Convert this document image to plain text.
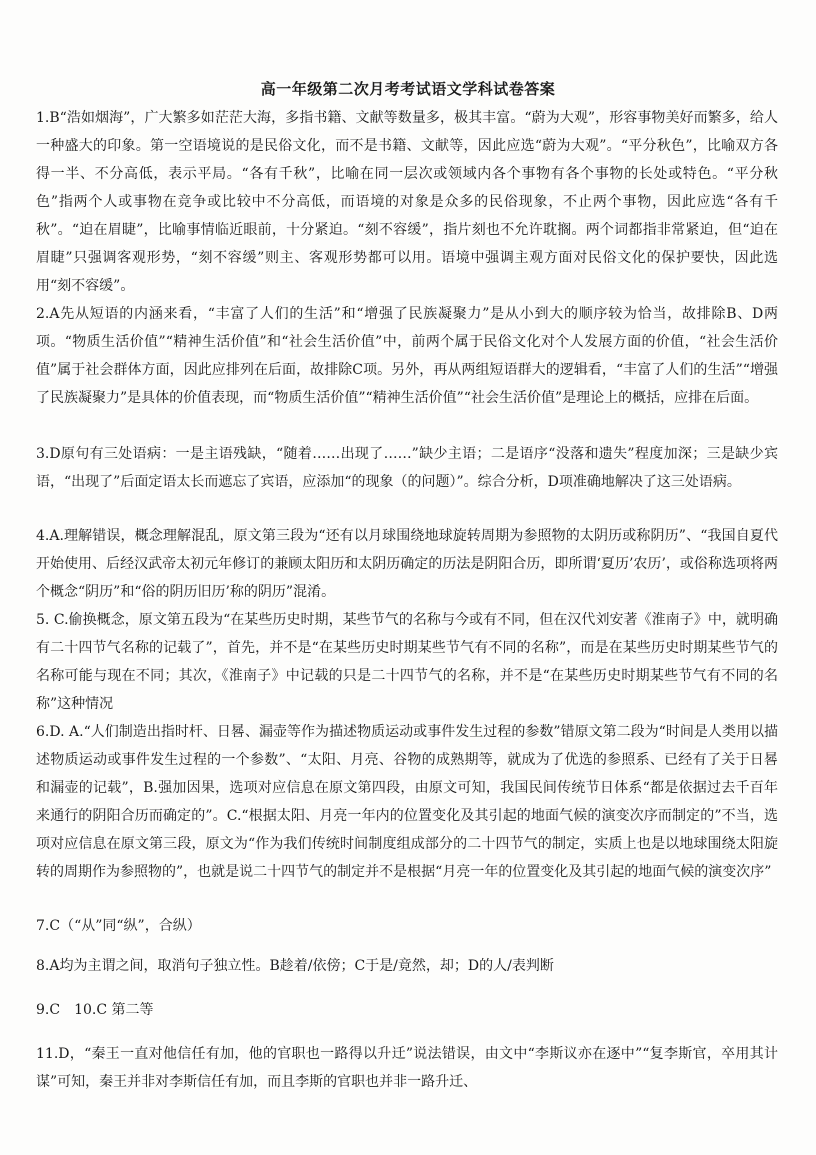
高一年级第二次月考考试语文学科试卷答案
1.B“浩如烟海”，广大繁多如茫茫大海，多指书籍、文献等数量多，极其丰富。“蔚为大观”，形容事物美好而繁多，给人一种盛大的印象。第一空语境说的是民俗文化，而不是书籍、文献等，因此应选“蔚为大观”。“平分秋色”，比喻双方各得一半、不分高低，表示平局。“各有千秋”，比喻在同一层次或领域内各个事物有各个事物的长处或特色。“平分秋色”指两个人或事物在竞争或比较中不分高低，而语境的对象是众多的民俗现象，不止两个事物，因此应选“各有千秋”。“迫在眉睫”，比喻事情临近眼前，十分紧迫。“刻不容缓”，指片刻也不允许耽搁。两个词都指非常紧迫，但“迫在眉睫”只强调客观形势，“刻不容缓”则主、客观形势都可以用。语境中强调主观方面对民俗文化的保护要快，因此选用“刻不容缓”。
2.A先从短语的内涵来看，“丰富了人们的生活”和“增强了民族凝聚力”是从小到大的顺序较为恰当，故排除B、D两项。“物质生活价值”“精神生活价值”和“社会生活价值”中，前两个属于民俗文化对个人发展方面的价值，“社会生活价值”属于社会群体方面，因此应排列在后面，故排除C项。另外，再从两组短语群大的逻辑看，“丰富了人们的生活”“增强了民族凝聚力”是具体的价值表现，而“物质生活价值”“精神生活价值”“社会生活价值”是理论上的概括，应排在后面。
3.D原句有三处语病：一是主语残缺，“随着……出现了……”缺少主语；二是语序“没落和遗失”程度加深；三是缺少宾语，“出现了”后面定语太长而遮忘了宾语，应添加“的现象（的问题）”。综合分析，D项准确地解决了这三处语病。
4.A.理解错误，概念理解混乱，原文第三段为“还有以月球围绕地球旋转周期为参照物的太阴历或称阴历”、“我国自夏代开始使用、后经汉武帝太初元年修订的兼顾太阳历和太阴历确定的历法是阴阳合历，即所谓‘夏历’农历’，或俗称选项将两个概念“阴历”和“俗的阴历旧历’称的阴历”混淆。
5. C.偷换概念，原文第五段为“在某些历史时期，某些节气的名称与今或有不同，但在汉代刘安著《淮南子》中，就明确有二十四节气名称的记载了”，首先，并不是“在某些历史时期某些节气有不同的名称”，而是在某些历史时期某些节气的名称可能与现在不同；其次，《淮南子》中记载的只是二十四节气的名称，并不是“在某些历史时期某些节气有不同的名称”这种情况
6.D. A.“人们制造出指时杆、日晷、漏壶等作为描述物质运动或事件发生过程的参数”错原文第二段为“时间是人类用以描述物质运动或事件发生过程的一个参数”、“太阳、月亮、谷物的成熟期等，就成为了优选的参照系、已经有了关于日晷和漏壶的记载”，B.强加因果，选项对应信息在原文第四段，由原文可知，我国民间传统节日体系“都是依据过去千百年来通行的阴阳合历而确定的”。C.“根据太阳、月亮一年内的位置变化及其引起的地面气候的演变次序而制定的”不当，选项对应信息在原文第三段，原文为“作为我们传统时间制度组成部分的二十四节气的制定，实质上也是以地球围绕太阳旋转的周期作为参照物的”，也就是说二十四节气的制定并不是根据“月亮一年的位置变化及其引起的地面气候的演变次序”
7.C（“从”同“纵”，合纵）
8.A均为主谓之间，取消句子独立性。B趁着/依傍；C于是/竟然，却；D的人/表判断
9.C　10.C 第二等
11.D，“秦王一直对他信任有加，他的官职也一路得以升迁”说法错误，由文中“李斯议亦在逐中”“复李斯官，卒用其计谋”可知，秦王并非对李斯信任有加，而且李斯的官职也并非一路升迁、
